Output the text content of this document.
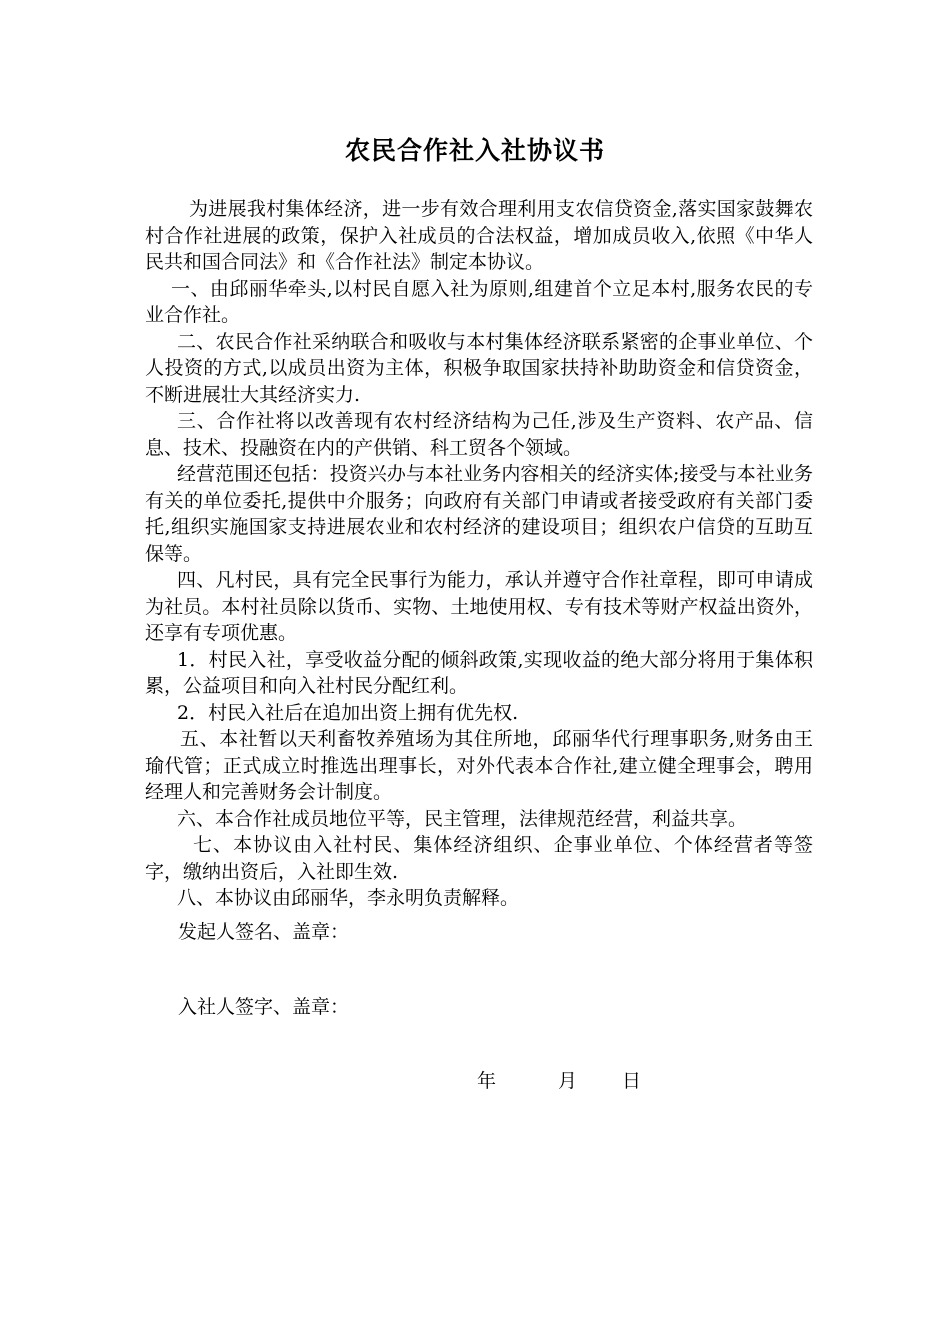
农民合作社入社协议书

为进展我村集体经济，进一步有效合理利用支农信贷资金,落实国家鼓舞农村合作社进展的政策，保护入社成员的合法权益，增加成员收入,依照《中华人民共和国合同法》和《合作社法》制定本协议。

一、由邱丽华牵头,以村民自愿入社为原则,组建首个立足本村,服务农民的专业合作社。

二、农民合作社采纳联合和吸收与本村集体经济联系紧密的企事业单位、个人投资的方式,以成员出资为主体，积极争取国家扶持补助助资金和信贷资金，不断进展壮大其经济实力.

三、合作社将以改善现有农村经济结构为己任,涉及生产资料、农产品、信息、技术、投融资在内的产供销、科工贸各个领域。

经营范围还包括：投资兴办与本社业务内容相关的经济实体;接受与本社业务有关的单位委托,提供中介服务；向政府有关部门申请或者接受政府有关部门委托,组织实施国家支持进展农业和农村经济的建设项目；组织农户信贷的互助互保等。

四、凡村民，具有完全民事行为能力，承认并遵守合作社章程，即可申请成为社员。本村社员除以货币、实物、土地使用权、专有技术等财产权益出资外，还享有专项优惠。

1．村民入社，享受收益分配的倾斜政策,实现收益的绝大部分将用于集体积累，公益项目和向入社村民分配红利。

2．村民入社后在追加出资上拥有优先权.

五、本社暂以天利畜牧养殖场为其住所地，邱丽华代行理事职务,财务由王瑜代管；正式成立时推选出理事长，对外代表本合作社,建立健全理事会，聘用经理人和完善财务会计制度。

六、本合作社成员地位平等，民主管理，法律规范经营，利益共享。

七、本协议由入社村民、集体经济组织、企事业单位、个体经营者等签字，缴纳出资后，入社即生效.

八、本协议由邱丽华，李永明负责解释。

发起人签名、盖章：
入社人签字、盖章：
年	月 日
